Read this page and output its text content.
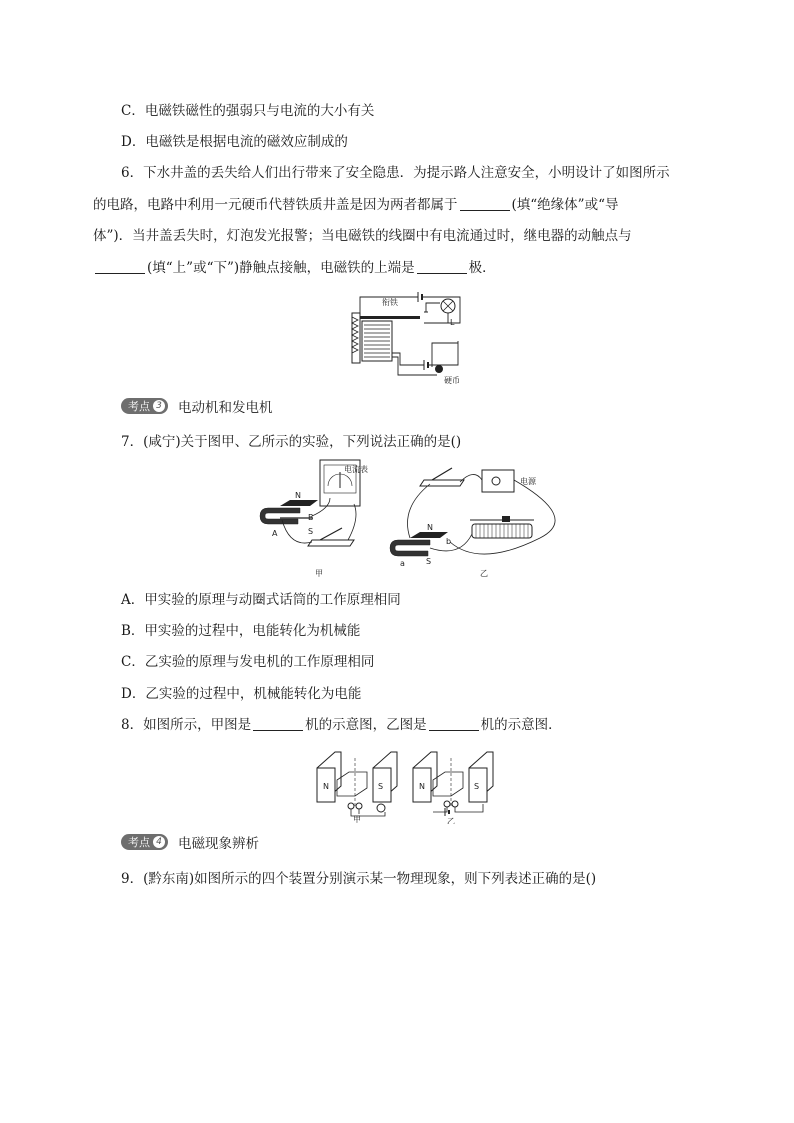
C．电磁铁磁性的强弱只与电流的大小有关
D．电磁铁是根据电流的磁效应制成的
6．下水井盖的丢失给人们出行带来了安全隐患．为提示路人注意安全，小明设计了如图所示
的电路，电路中利用一元硬币代替铁质井盖是因为两者都属于	(填“绝缘体”或“导
体”)．当井盖丢失时，灯泡发光报警；当电磁铁的线圈中有电流通过时，继电器的动触点与
(填“上”或“下”)静触点接触，电磁铁的上端是	极．
衔铁
L
硬币
考点 3 电动机和发电机
7．(咸宁)关于图甲、乙所示的实验，下列说法正确的是()
N
S
A
B
电流表
甲
电源
N
S
a
b
乙
A．甲实验的原理与动圈式话筒的工作原理相同
B．甲实验的过程中，电能转化为机械能
C．乙实验的原理与发电机的工作原理相同
D．乙实验的过程中，机械能转化为电能
8．如图所示，甲图是	机的示意图，乙图是	机的示意图．
N	S
甲
N	S
乙
考点 4 电磁现象辨析
9．(黔东南)如图所示的四个装置分别演示某一物理现象，则下列表述正确的是()
